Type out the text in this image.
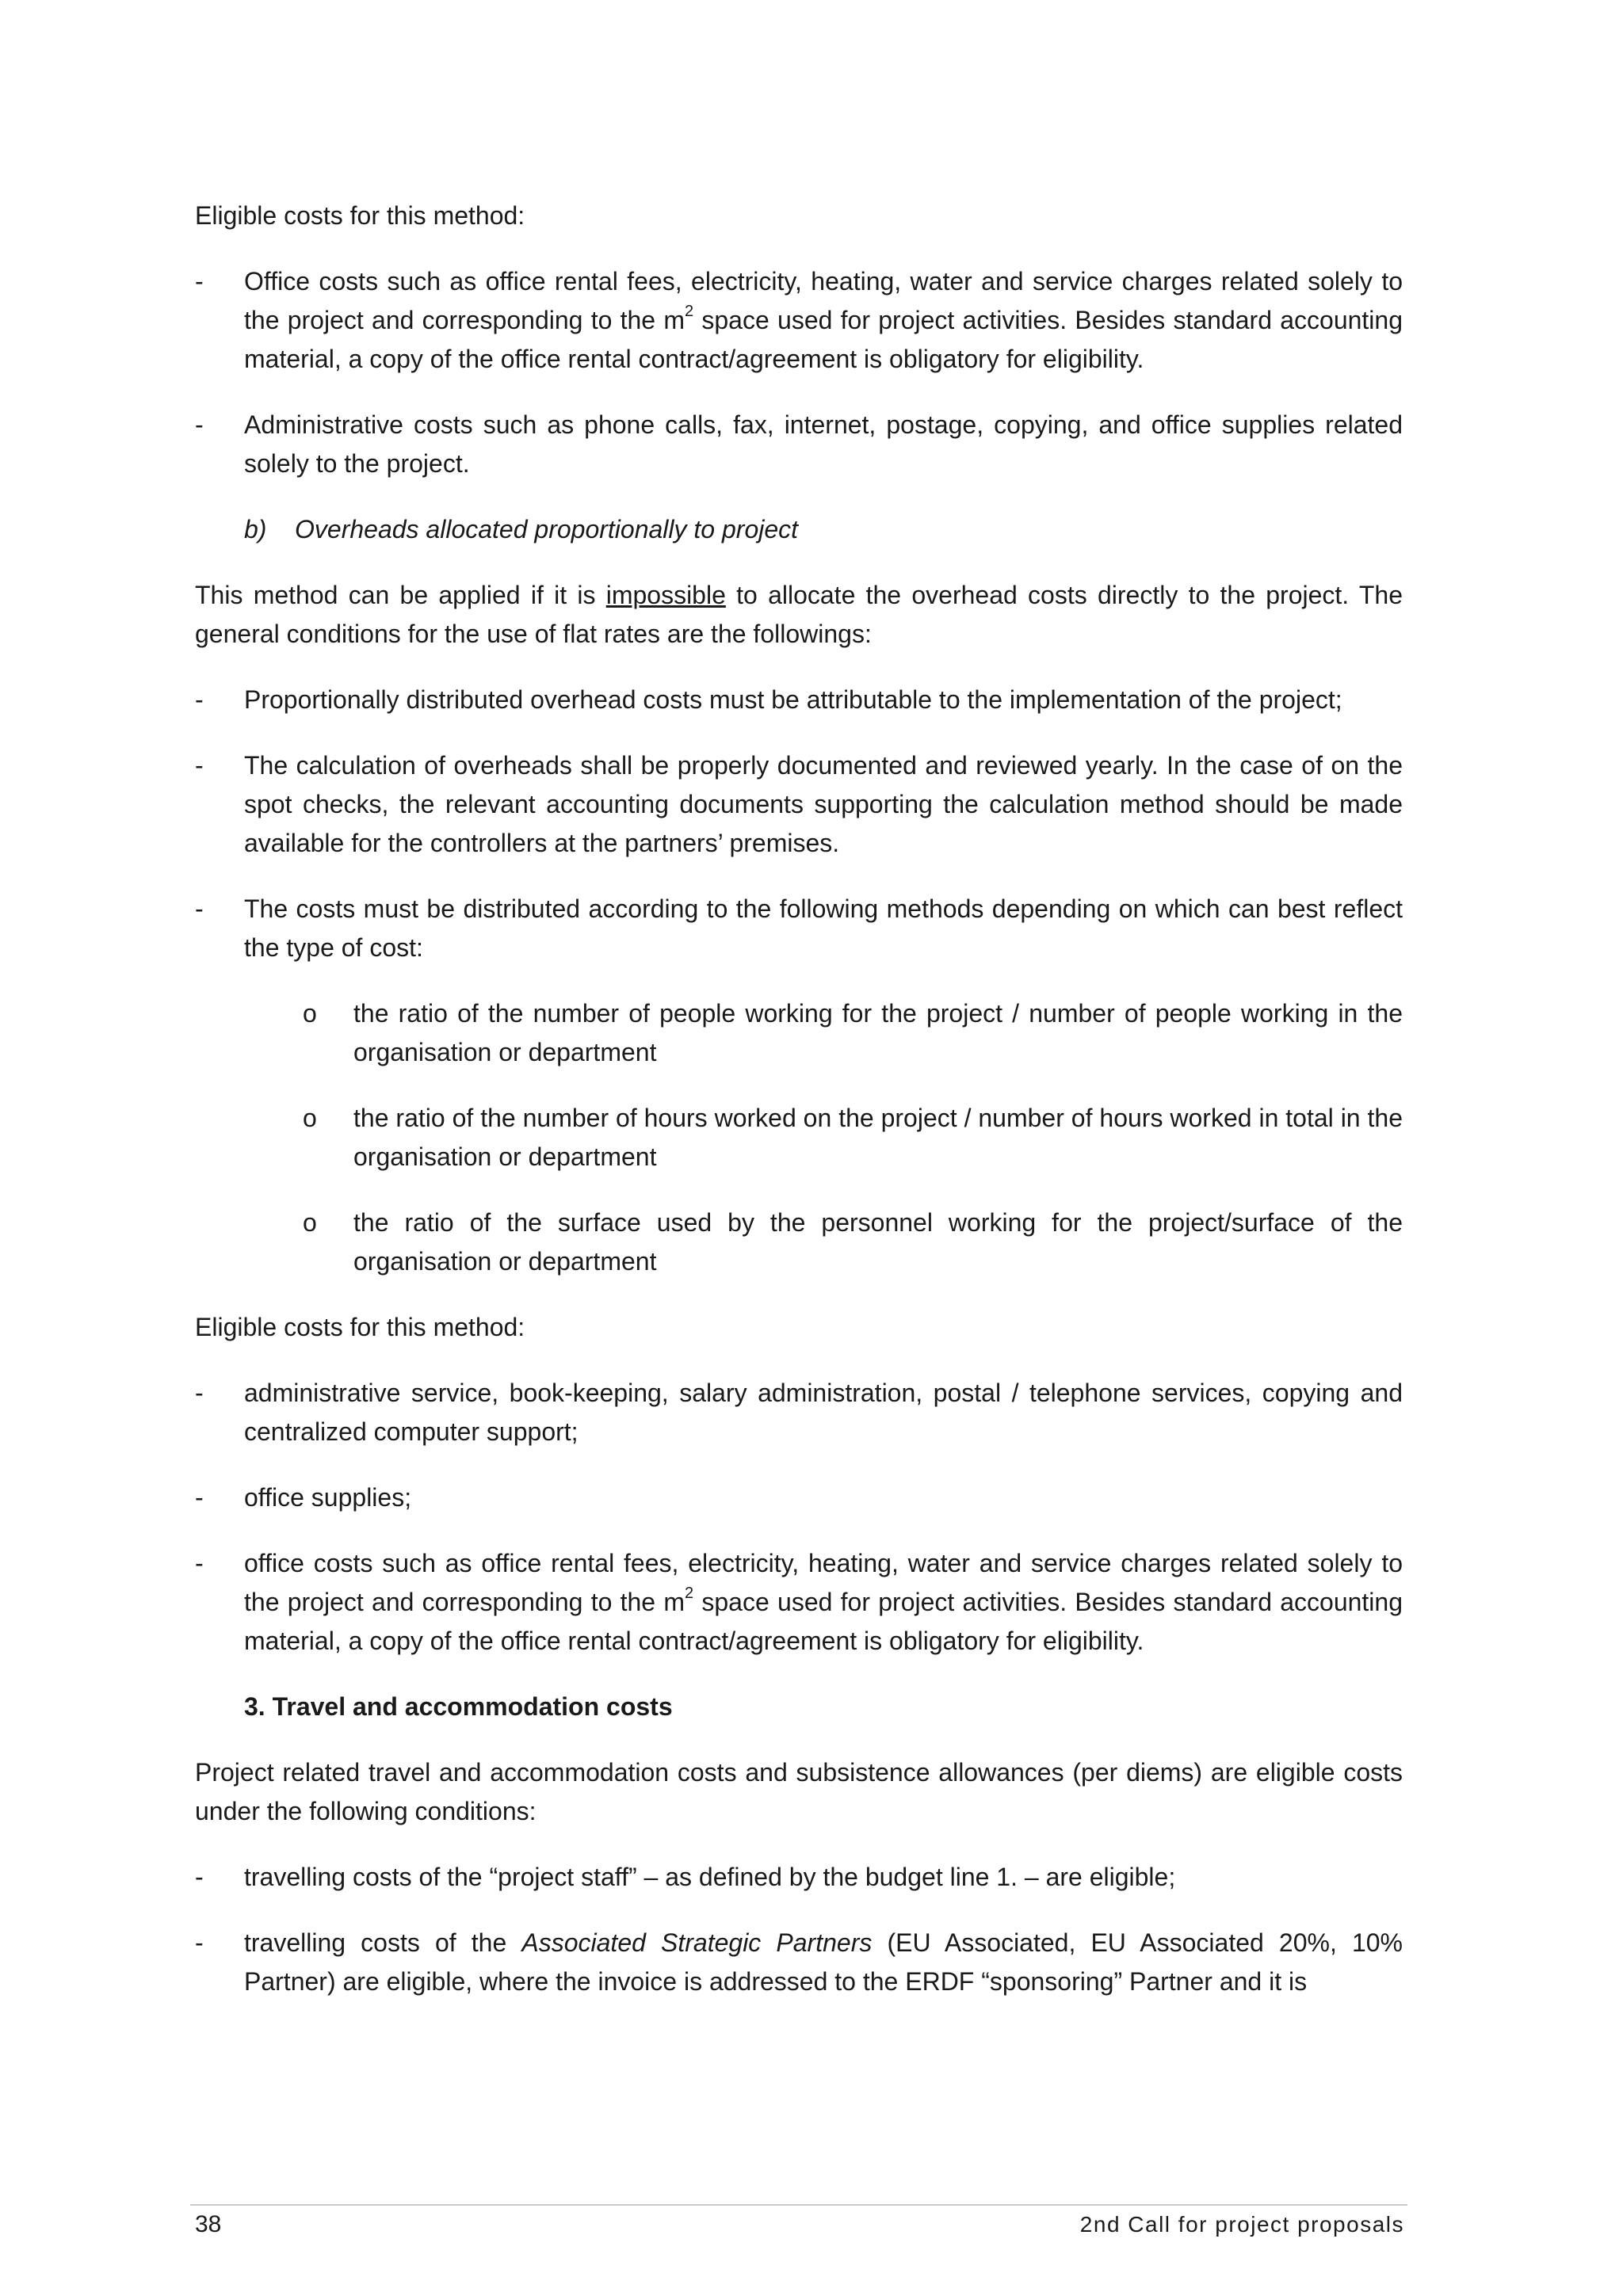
Eligible costs for this method:

- Office costs such as office rental fees, electricity, heating, water and service charges related solely to the project and corresponding to the $m^2$ space used for project activities. Besides standard accounting material, a copy of the office rental contract/agreement is obligatory for eligibility.
- Administrative costs such as phone calls, fax, internet, postage, copying, and office supplies related solely to the project.

b) Overheads allocated proportionally to project

This method can be applied if it is impossible to allocate the overhead costs directly to the project. The general conditions for the use of flat rates are the followings:

- Proportionally distributed overhead costs must be attributable to the implementation of the project;
- The calculation of overheads shall be properly documented and reviewed yearly. In the case of on the spot checks, the relevant accounting documents supporting the calculation method should be made available for the controllers at the partners’ premises.
- The costs must be distributed according to the following methods depending on which can best reflect the type of cost:
o the ratio of the number of people working for the project / number of people working in the organisation or department
o the ratio of the number of hours worked on the project / number of hours worked in total in the organisation or department
o the ratio of the surface used by the personnel working for the project/surface of the organisation or department

Eligible costs for this method:

- administrative service, book-keeping, salary administration, postal / telephone services, copying and centralized computer support;
- office supplies;
- office costs such as office rental fees, electricity, heating, water and service charges related solely to the project and corresponding to the $m^2$ space used for project activities. Besides standard accounting material, a copy of the office rental contract/agreement is obligatory for eligibility.

3. Travel and accommodation costs

Project related travel and accommodation costs and subsistence allowances (per diems) are eligible costs under the following conditions:

- travelling costs of the “project staff” – as defined by the budget line 1. – are eligible;
- travelling costs of the Associated Strategic Partners (EU Associated, EU Associated 20%, 10% Partner) are eligible, where the invoice is addressed to the ERDF “sponsoring” Partner and it is
38	2nd Call for project proposals
